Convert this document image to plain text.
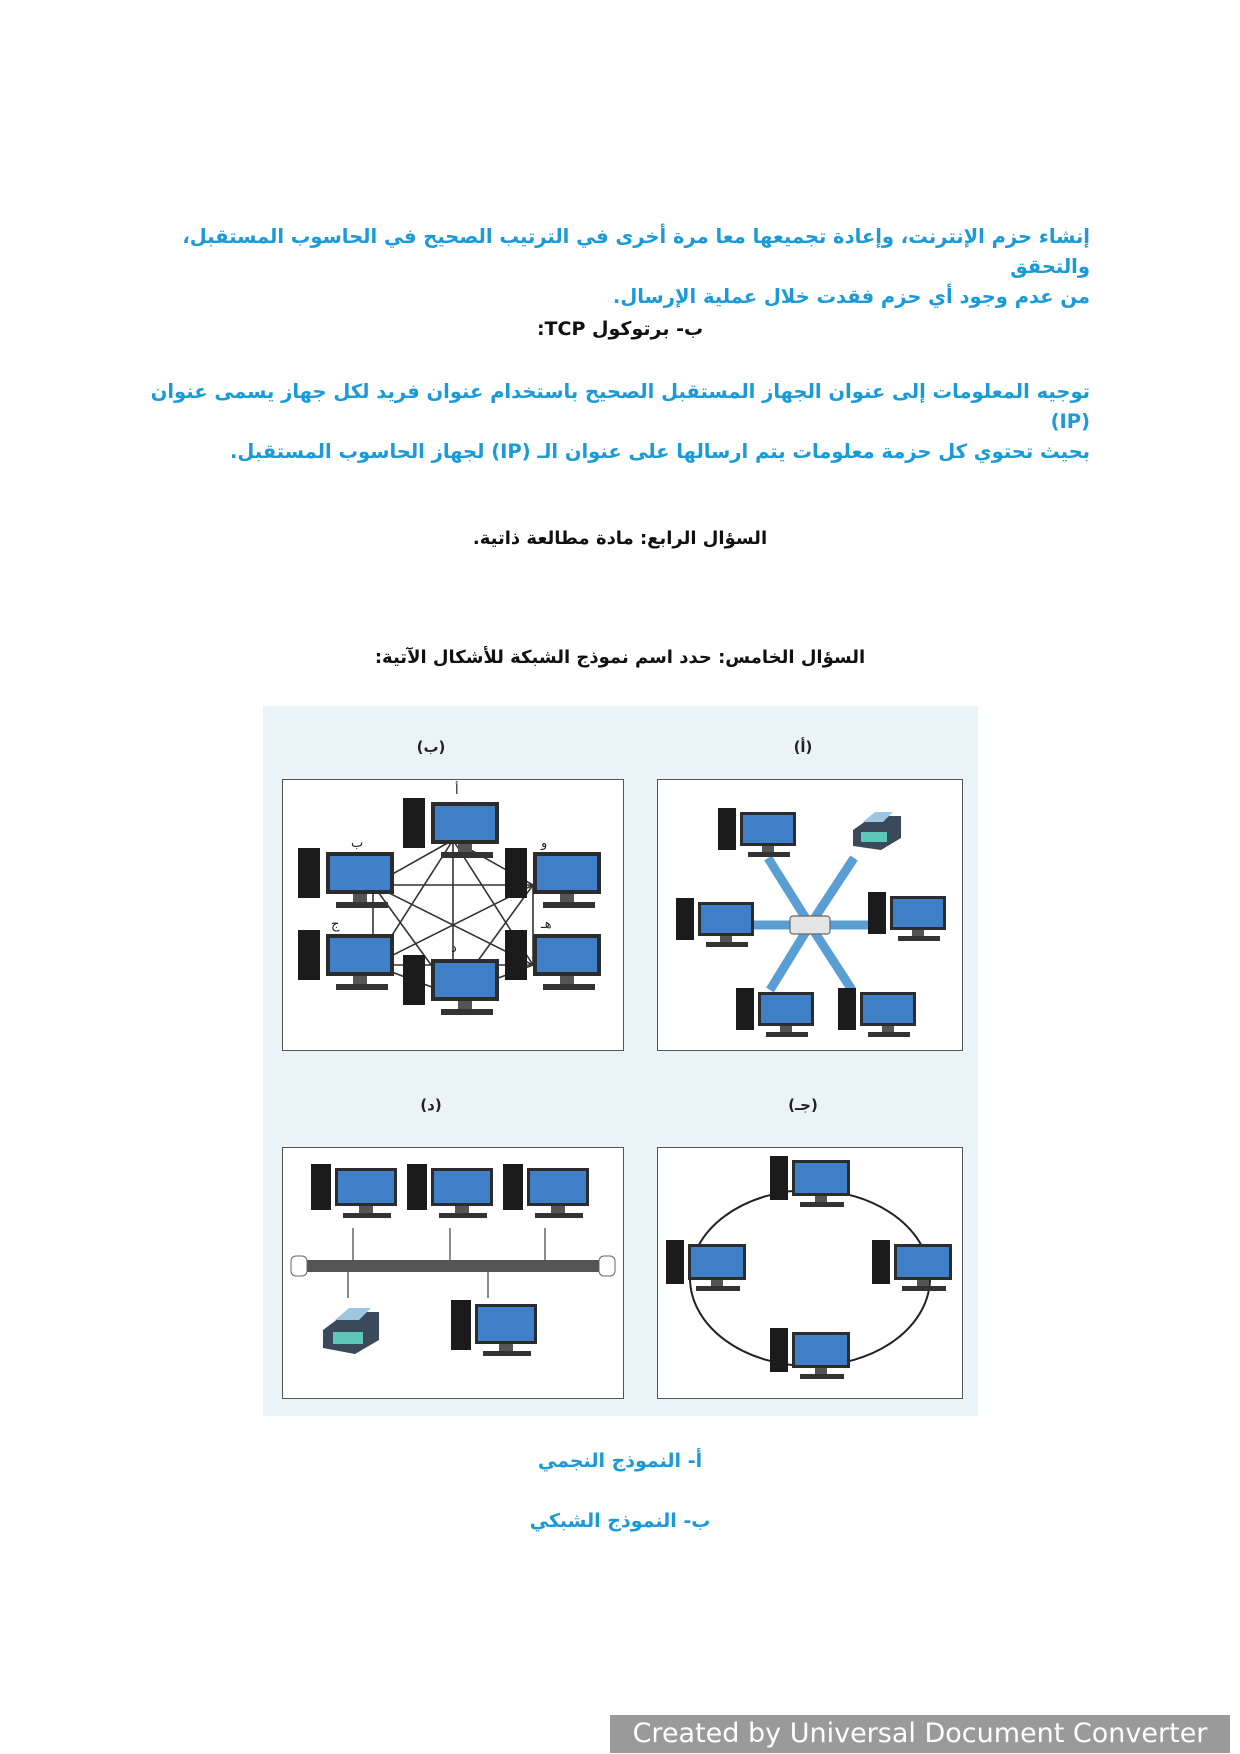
إنشاء حزم الإنترنت، وإعادة تجميعها معا مرة أخرى في الترتيب الصحيح في الحاسوب المستقبل، والتحقق
من عدم وجود أي حزم فقدت خلال عملية الإرسال.
ب- برتوكول TCP:
توجيه المعلومات إلى عنوان الجهاز المستقبل الصحيح باستخدام عنوان فريد لكل جهاز يسمى عنوان (IP)
بحيث تحتوي كل حزمة معلومات يتم ارسالها على عنوان الـ (IP) لجهاز الحاسوب المستقبل.
السؤال الرابع: مادة مطالعة ذاتية.
السؤال الخامس: حدد اسم نموذج الشبكة للأشكال الآتية:
(ب)	(أ)
(د)	(جـ)
أ
ب
ج
د
هـ
و
أ- النموذج النجمي
ب- النموذج الشبكي
Created by Universal Document Converter
